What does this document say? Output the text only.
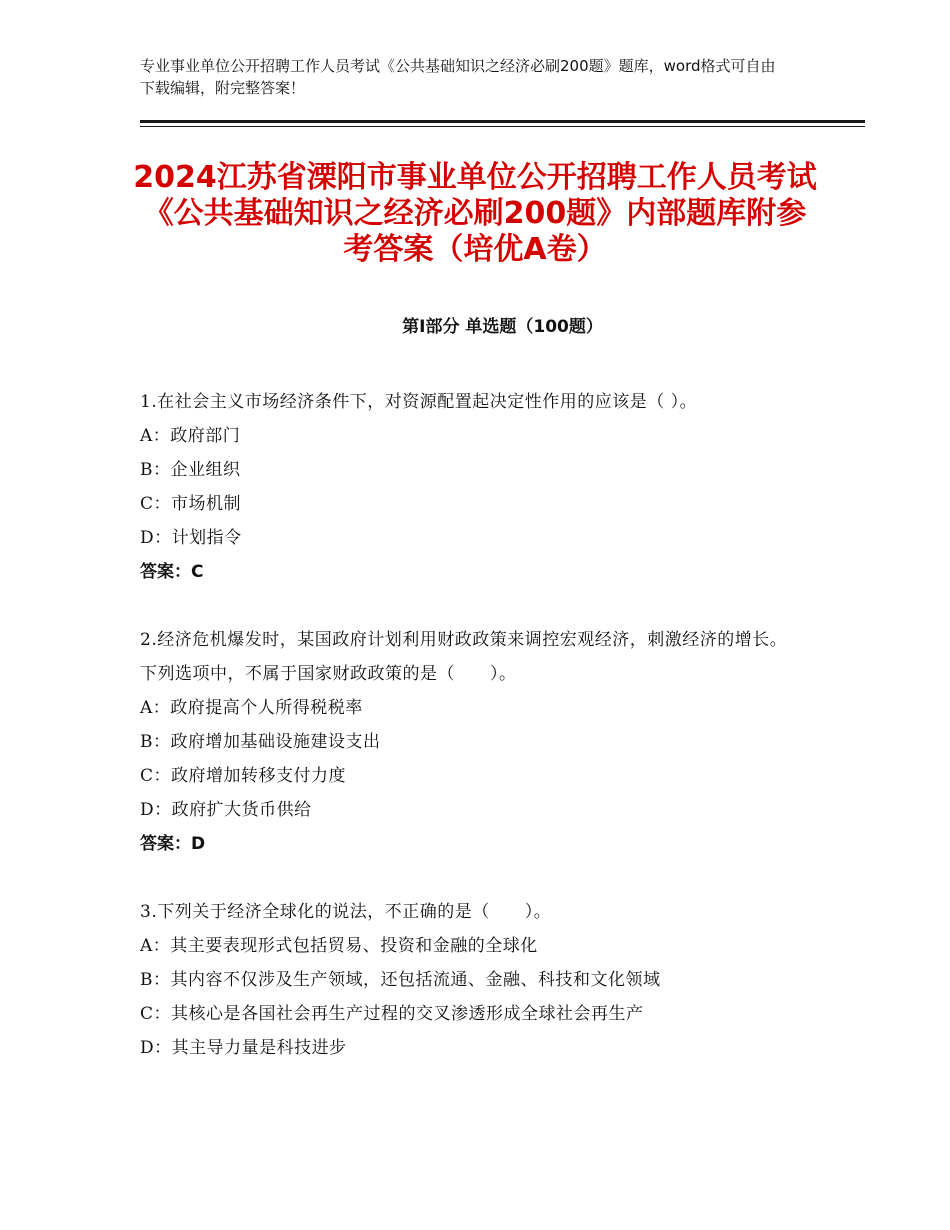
专业事业单位公开招聘工作人员考试《公共基础知识之经济必刷200题》题库，word格式可自由下载编辑，附完整答案！
2024江苏省溧阳市事业单位公开招聘工作人员考试《公共基础知识之经济必刷200题》内部题库附参考答案（培优A卷）
第Ⅰ部分 单选题（100题）
1.在社会主义市场经济条件下，对资源配置起决定性作用的应该是（ ）。
A：政府部门
B：企业组织
C：市场机制
D：计划指令
答案：C
2.经济危机爆发时，某国政府计划利用财政政策来调控宏观经济，刺激经济的增长。下列选项中，不属于国家财政政策的是（　　）。
A：政府提高个人所得税税率
B：政府增加基础设施建设支出
C：政府增加转移支付力度
D：政府扩大货币供给
答案：D
3.下列关于经济全球化的说法，不正确的是（　　）。
A：其主要表现形式包括贸易、投资和金融的全球化
B：其内容不仅涉及生产领域，还包括流通、金融、科技和文化领域
C：其核心是各国社会再生产过程的交叉渗透形成全球社会再生产
D：其主导力量是科技进步
